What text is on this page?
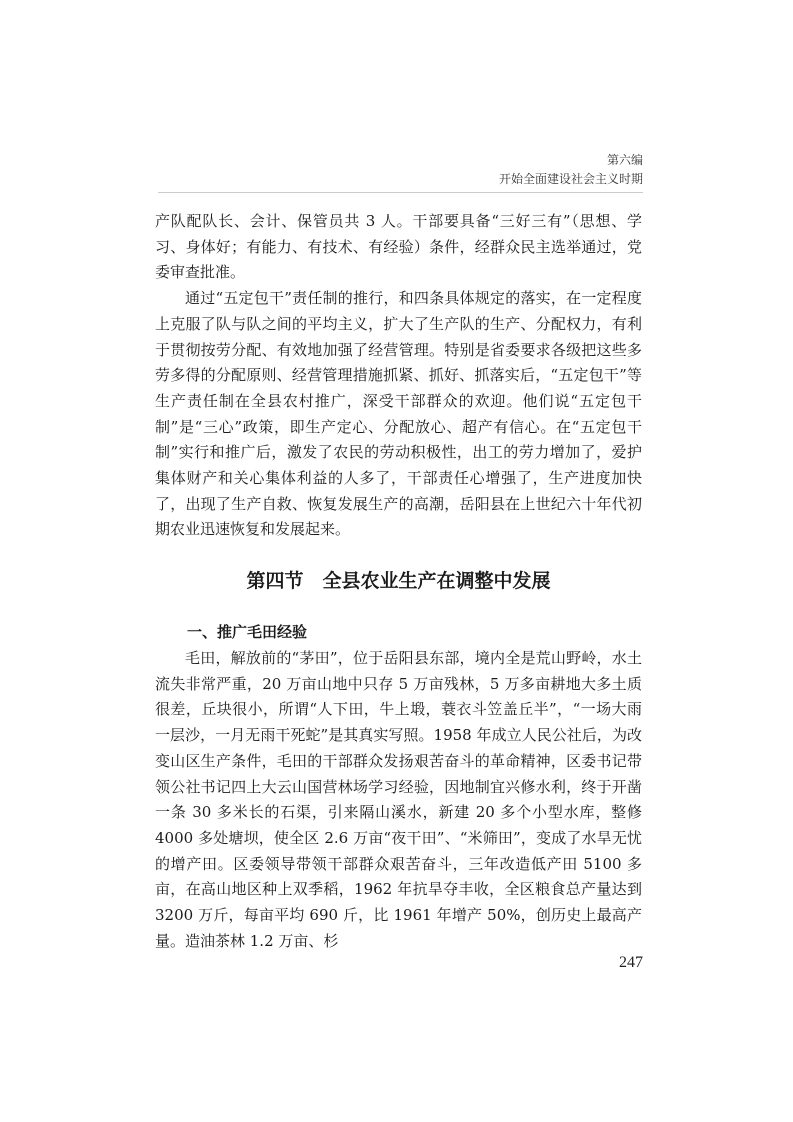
第六编
开始全面建设社会主义时期

产队配队长、会计、保管员共 3 人。干部要具备“三好三有”（思想、学习、身体好；有能力、有技术、有经验）条件，经群众民主选举通过，党委审查批准。

通过“五定包干”责任制的推行，和四条具体规定的落实，在一定程度上克服了队与队之间的平均主义，扩大了生产队的生产、分配权力，有利于贯彻按劳分配、有效地加强了经营管理。特别是省委要求各级把这些多劳多得的分配原则、经营管理措施抓紧、抓好、抓落实后，“五定包干”等生产责任制在全县农村推广，深受干部群众的欢迎。他们说“五定包干制”是“三心”政策，即生产定心、分配放心、超产有信心。在“五定包干制”实行和推广后，激发了农民的劳动积极性，出工的劳力增加了，爱护集体财产和关心集体利益的人多了，干部责任心增强了，生产进度加快了，出现了生产自救、恢复发展生产的高潮，岳阳县在上世纪六十年代初期农业迅速恢复和发展起来。

第四节　全县农业生产在调整中发展
一、推广毛田经验

毛田，解放前的“茅田”，位于岳阳县东部，境内全是荒山野岭，水土流失非常严重，20 万亩山地中只存 5 万亩残林，5 万多亩耕地大多土质很差，丘块很小，所谓“人下田，牛上塅，蓑衣斗笠盖丘半”，“一场大雨一层沙，一月无雨干死蛇”是其真实写照。1958 年成立人民公社后，为改变山区生产条件，毛田的干部群众发扬艰苦奋斗的革命精神，区委书记带领公社书记四上大云山国营林场学习经验，因地制宜兴修水利，终于开凿一条 30 多米长的石渠，引来隔山溪水，新建 20 多个小型水库，整修 4000 多处塘坝，使全区 2.6 万亩“夜干田”、“米筛田”，变成了水旱无忧的增产田。区委领导带领干部群众艰苦奋斗，三年改造低产田 5100 多亩，在高山地区种上双季稻，1962 年抗旱夺丰收，全区粮食总产量达到 3200 万斤，每亩平均 690 斤，比 1961 年增产 50%，创历史上最高产量。造油茶林 1.2 万亩、杉

247
